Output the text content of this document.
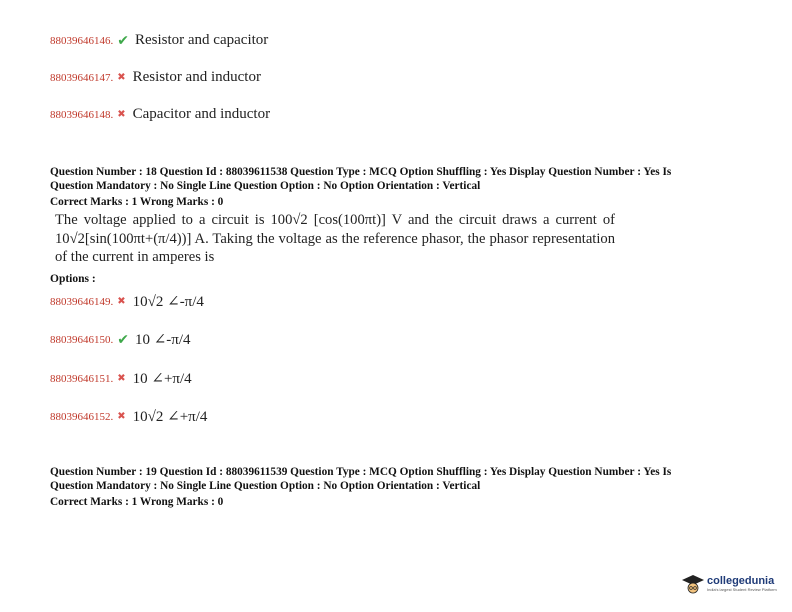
88039646146. ✔ Resistor and capacitor
88039646147. ✖ Resistor and inductor
88039646148. ✖ Capacitor and inductor
Question Number : 18 Question Id : 88039611538 Question Type : MCQ Option Shuffling : Yes Display Question Number : Yes Is
Question Mandatory : No Single Line Question Option : No Option Orientation : Vertical
Correct Marks : 1 Wrong Marks : 0
The voltage applied to a circuit is 100√2 [cos(100πt)] V and the circuit draws a current of 10√2[sin(100πt+(π/4))] A. Taking the voltage as the reference phasor, the phasor representation of the current in amperes is
Options :
88039646149. ✖ 10√2 ∠-π/4
88039646150. ✔ 10 ∠-π/4
88039646151. ✖ 10 ∠+π/4
88039646152. ✖ 10√2 ∠+π/4
Question Number : 19 Question Id : 88039611539 Question Type : MCQ Option Shuffling : Yes Display Question Number : Yes Is
Question Mandatory : No Single Line Question Option : No Option Orientation : Vertical
Correct Marks : 1 Wrong Marks : 0
collegedunia
India's largest Student Review Platform
